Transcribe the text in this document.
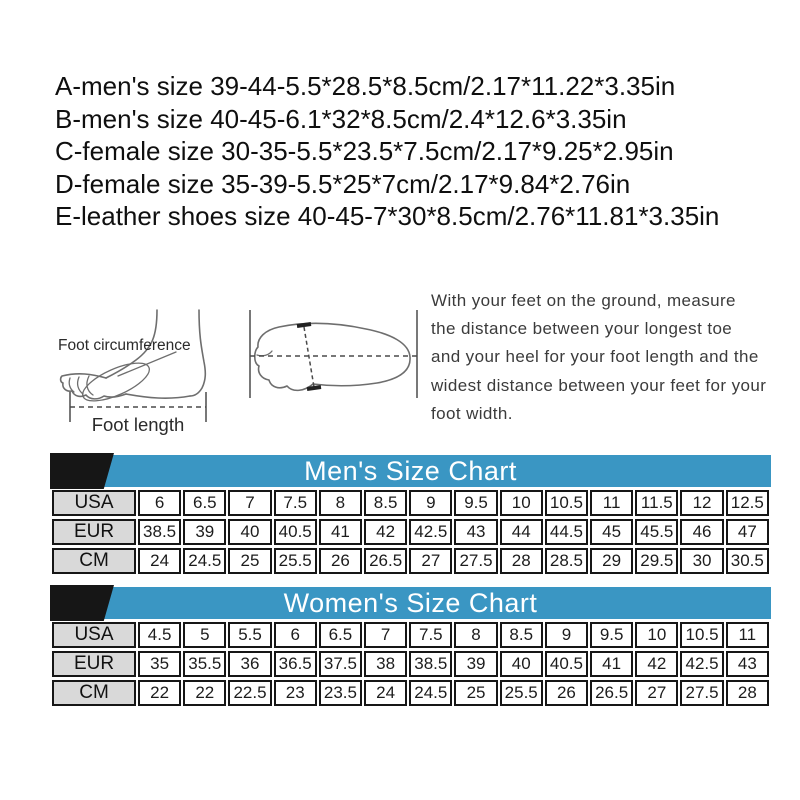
A-men's size 39-44-5.5*28.5*8.5cm/2.17*11.22*3.35in
B-men's size 40-45-6.1*32*8.5cm/2.4*12.6*3.35in
C-female size 30-35-5.5*23.5*7.5cm/2.17*9.25*2.95in
D-female size 35-39-5.5*25*7cm/2.17*9.84*2.76in
E-leather shoes size 40-45-7*30*8.5cm/2.76*11.81*3.35in
Foot circumference
Foot length
With your feet on the ground, measure
the distance between your longest toe
and your heel for your foot length and the
widest distance between your feet for your
foot width.
Men's Size Chart
USA	6	6.5	7	7.5	8	8.5	9	9.5	10	10.5	11	11.5	12	12.5
EUR	38.5	39	40	40.5	41	42	42.5	43	44	44.5	45	45.5	46	47
CM	24	24.5	25	25.5	26	26.5	27	27.5	28	28.5	29	29.5	30	30.5
Women's Size Chart
USA	4.5	5	5.5	6	6.5	7	7.5	8	8.5	9	9.5	10	10.5	11
EUR	35	35.5	36	36.5	37.5	38	38.5	39	40	40.5	41	42	42.5	43
CM	22	22	22.5	23	23.5	24	24.5	25	25.5	26	26.5	27	27.5	28
